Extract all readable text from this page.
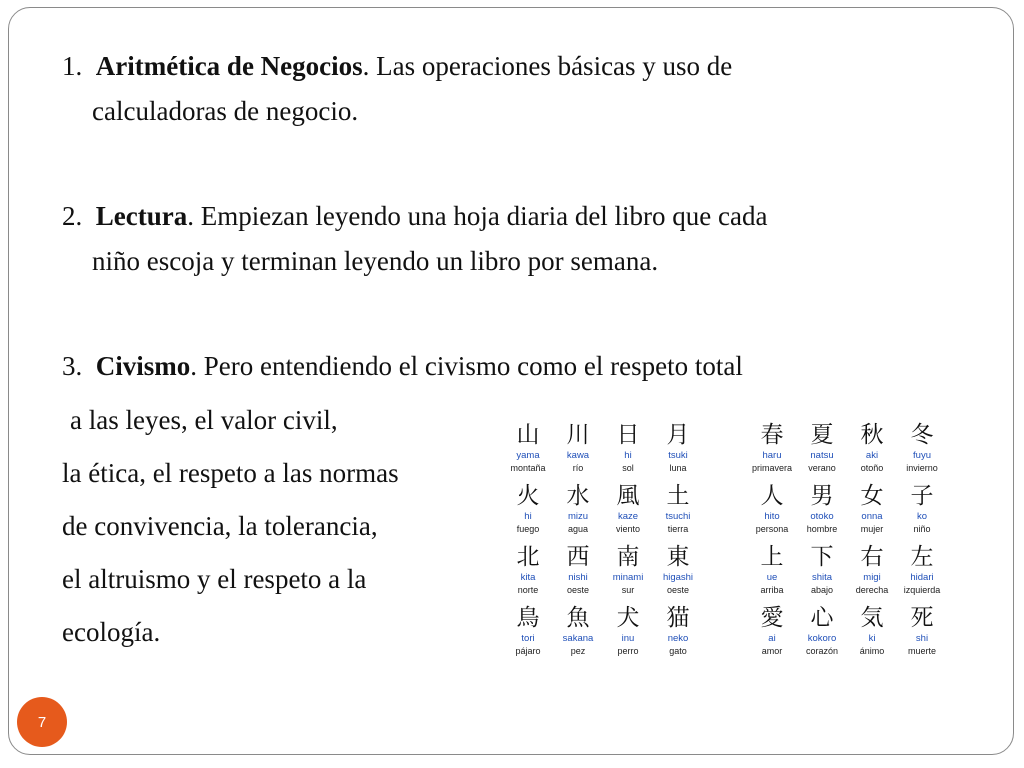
1. Aritmética de Negocios. Las operaciones básicas y uso de
calculadoras de negocio.
2. Lectura. Empiezan leyendo una hoja diaria del libro que cada
niño escoja y terminan leyendo un libro por semana.
3. Civismo. Pero entendiendo el civismo como el respeto total
a las leyes, el valor civil,
la ética, el respeto a las normas
de convivencia, la tolerancia,
el altruismo y el respeto a la
ecología.
山
yama
montaña
川
kawa
río
日
hi
sol
月
tsuki
luna
火
hi
fuego
水
mizu
agua
風
kaze
viento
土
tsuchi
tierra
北
kita
norte
西
nishi
oeste
南
minami
sur
東
higashi
oeste
鳥
tori
pájaro
魚
sakana
pez
犬
inu
perro
猫
neko
gato
春
haru
primavera
夏
natsu
verano
秋
aki
otoño
冬
fuyu
invierno
人
hito
persona
男
otoko
hombre
女
onna
mujer
子
ko
niño
上
ue
arriba
下
shita
abajo
右
migi
derecha
左
hidari
izquierda
愛
ai
amor
心
kokoro
corazón
気
ki
ánimo
死
shi
muerte
7
